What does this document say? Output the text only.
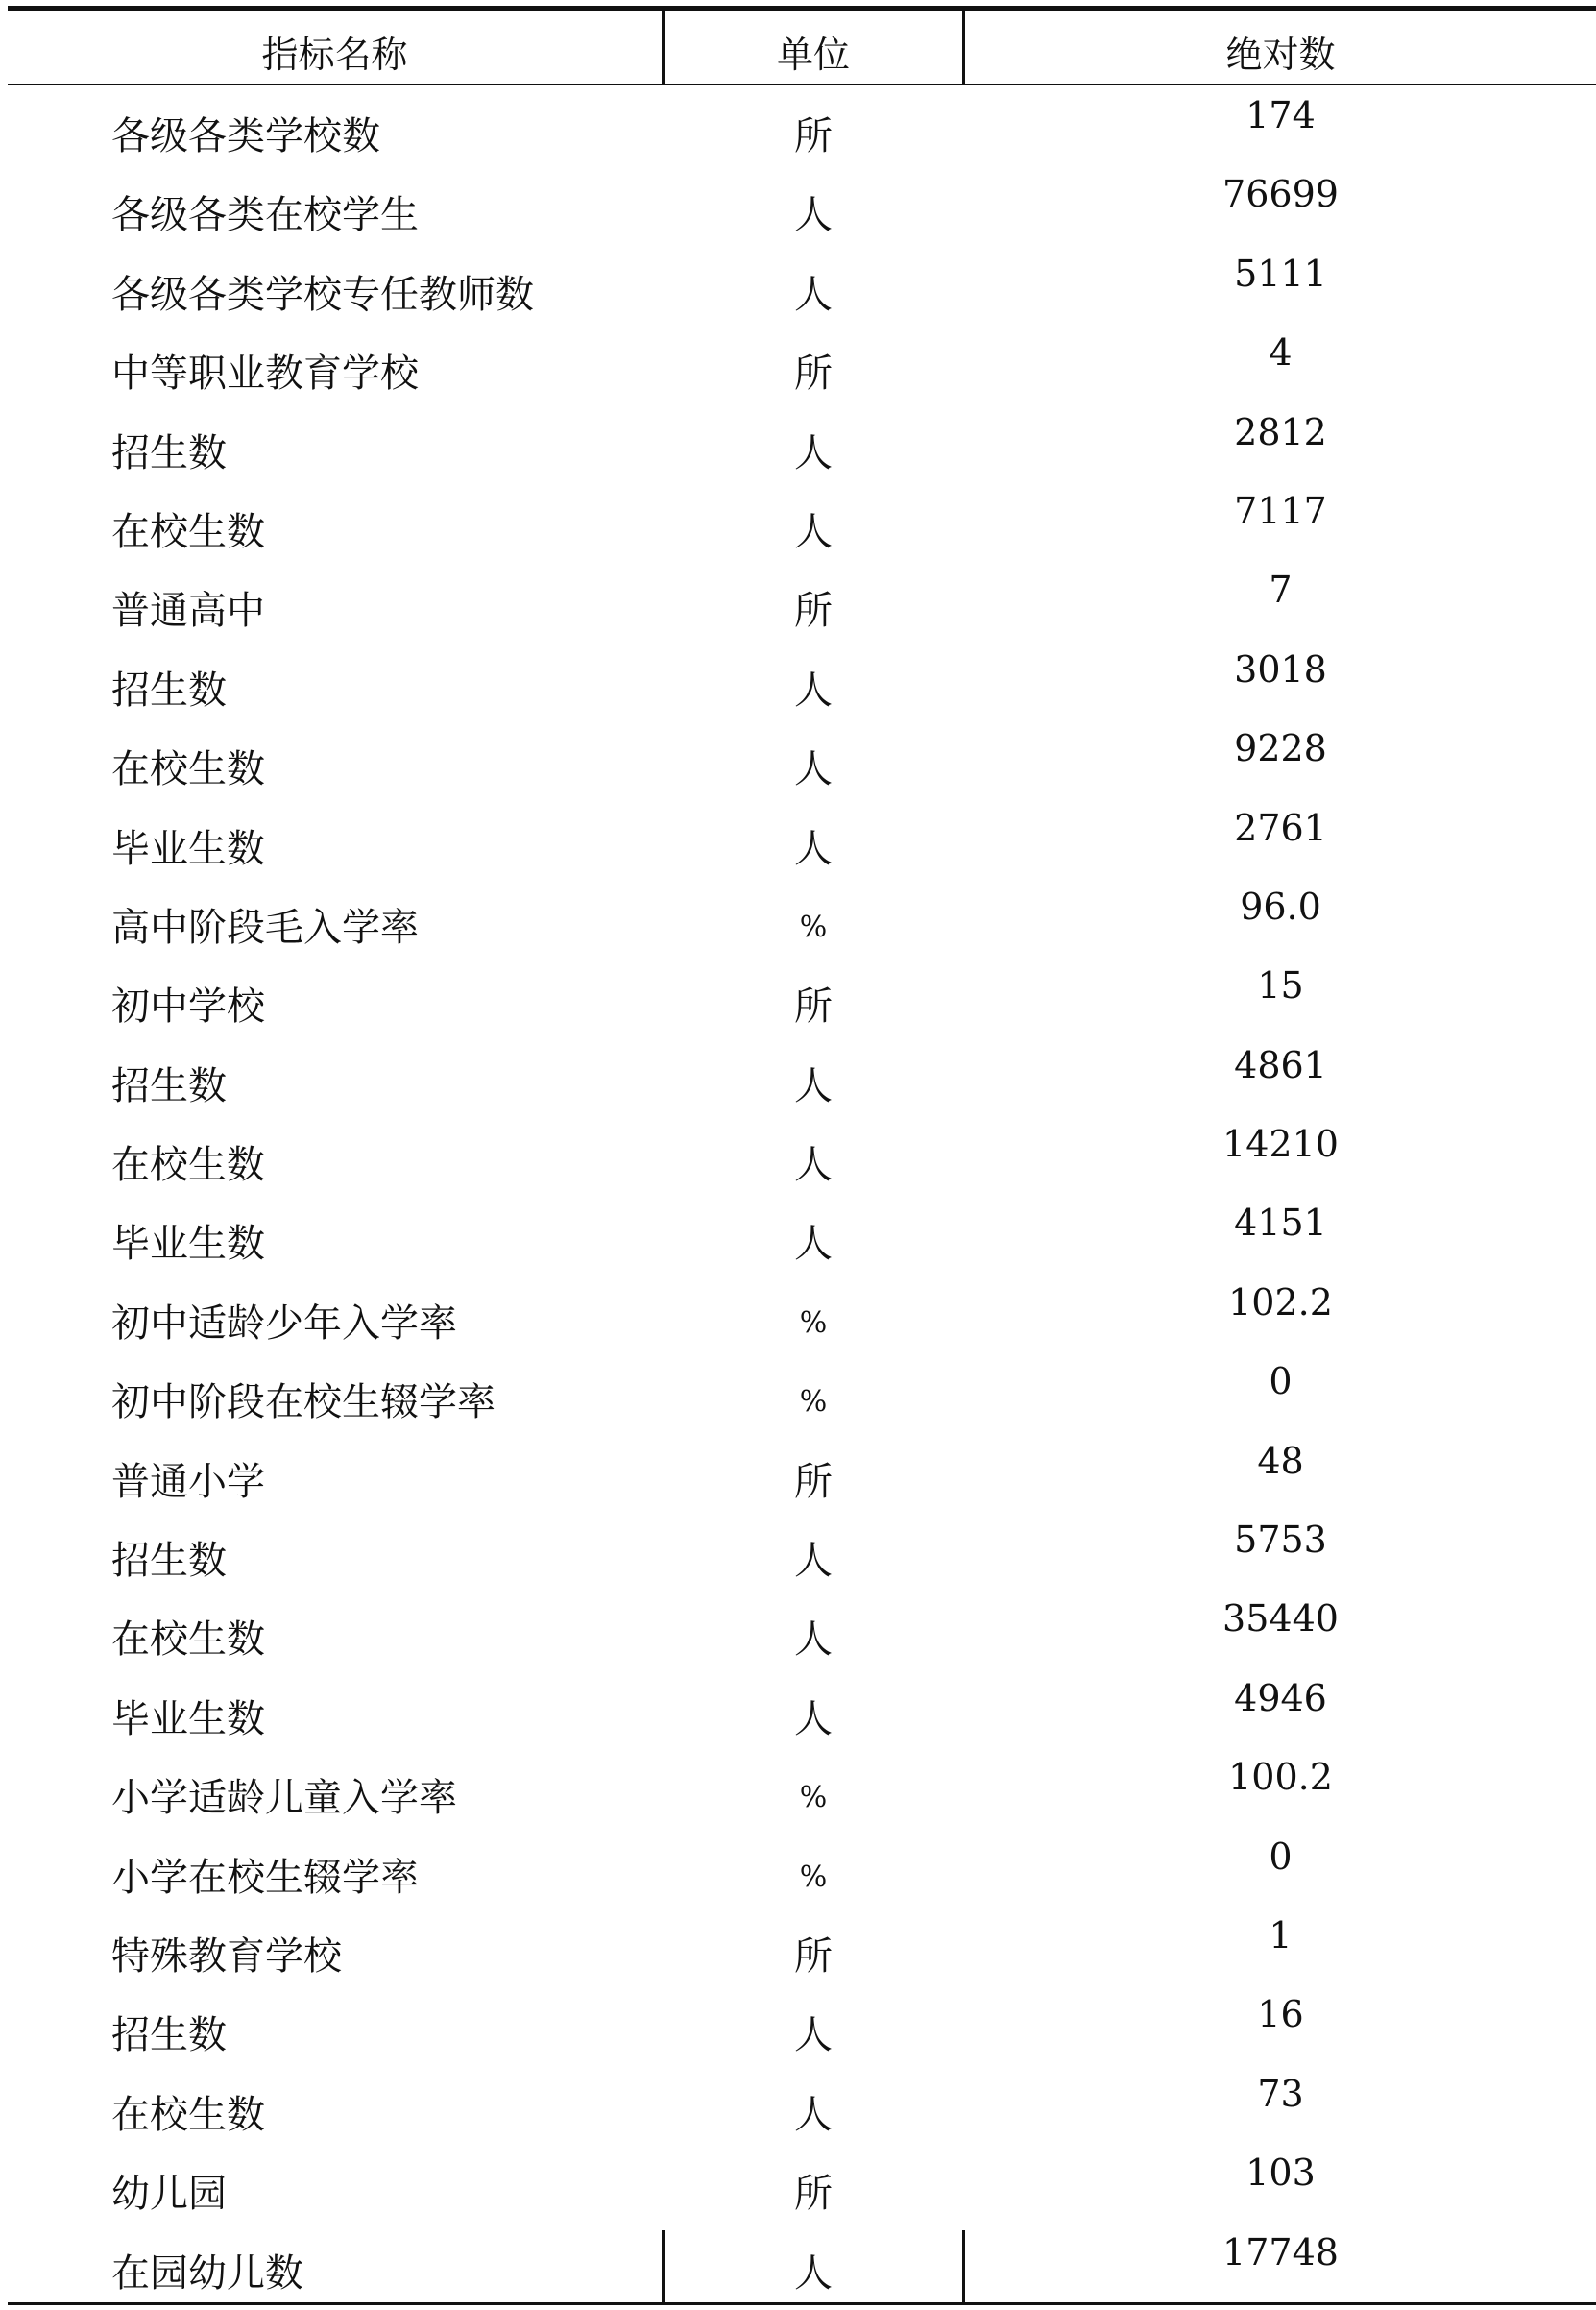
指标名称	单位	绝对数
各级各类学校数	所	174
各级各类在校学生	人	76699
各级各类学校专任教师数	人	5111
中等职业教育学校	所	4
招生数	人	2812
在校生数	人	7117
普通高中	所	7
招生数	人	3018
在校生数	人	9228
毕业生数	人	2761
高中阶段毛入学率	%	96.0
初中学校	所	15
招生数	人	4861
在校生数	人	14210
毕业生数	人	4151
初中适龄少年入学率	%	102.2
初中阶段在校生辍学率	%	0
普通小学	所	48
招生数	人	5753
在校生数	人	35440
毕业生数	人	4946
小学适龄儿童入学率	%	100.2
小学在校生辍学率	%	0
特殊教育学校	所	1
招生数	人	16
在校生数	人	73
幼儿园	所	103
在园幼儿数	人	17748
